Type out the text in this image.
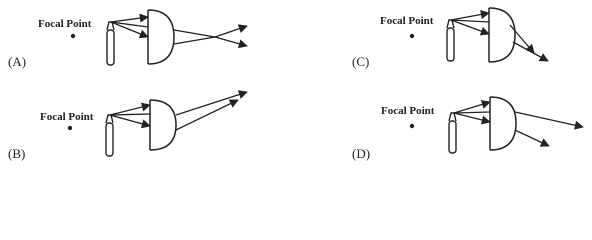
(A)
Focal Point
(B)
Focal Point
(C)
Focal Point
(D)
Focal Point
